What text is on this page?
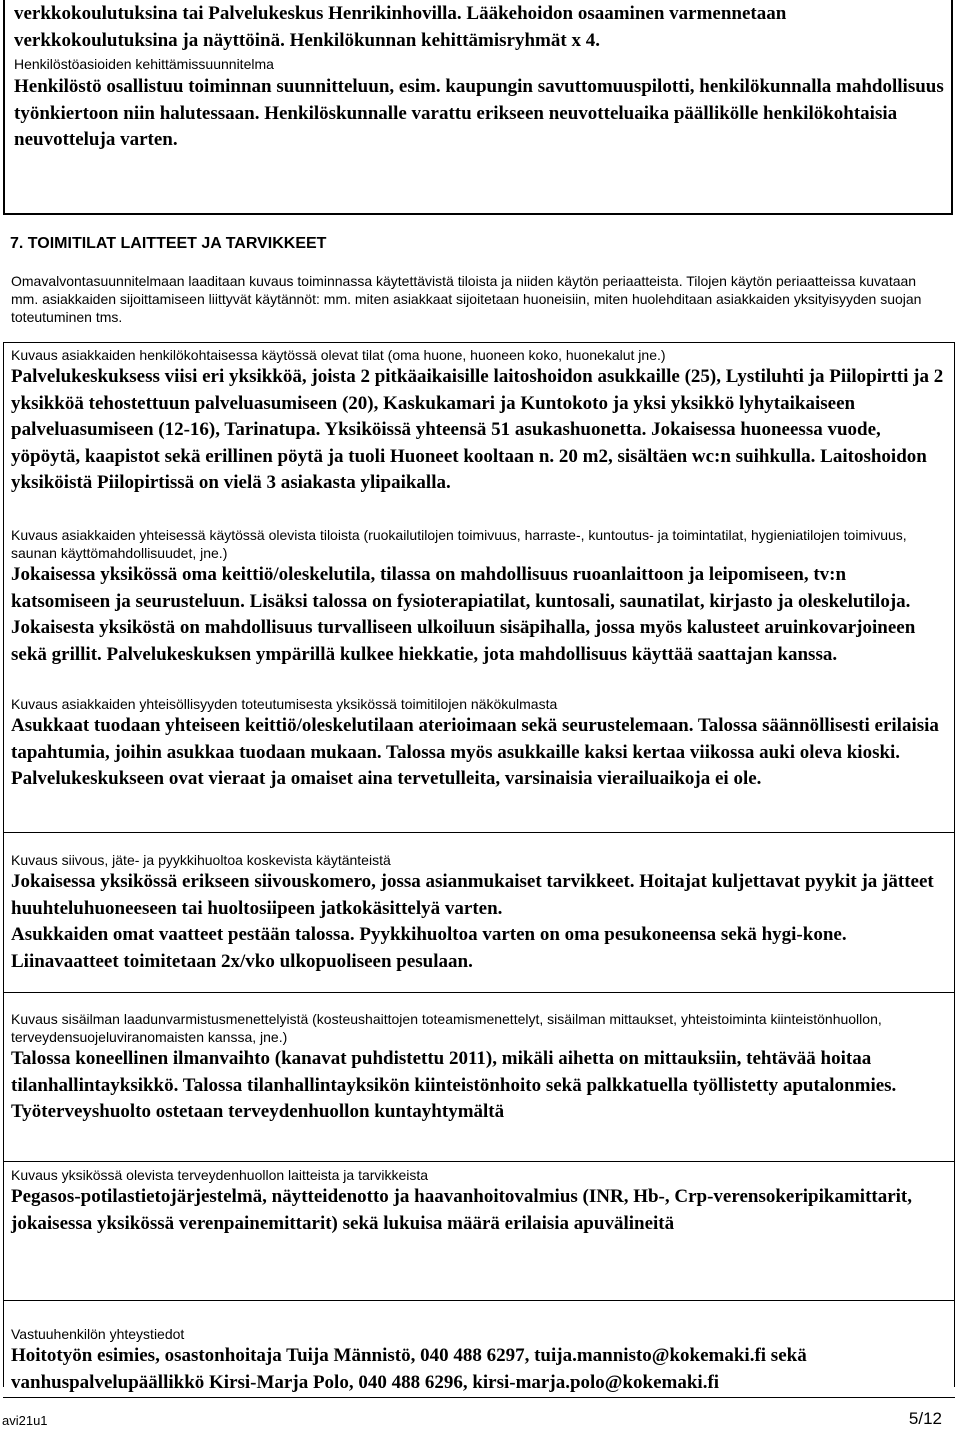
verkkokoulutuksina tai Palvelukeskus Henrikinhovilla. Lääkehoidon osaaminen varmennetaan
verkkokoulutuksina ja näyttöinä. Henkilökunnan kehittämisryhmät x 4.
Henkilöstöasioiden kehittämissuunnitelma
Henkilöstö osallistuu toiminnan suunnitteluun, esim. kaupungin savuttomuuspilotti, henkilökunnalla mahdollisuus työnkiertoon niin halutessaan. Henkilöskunnalle varattu erikseen neuvotteluaika päällikölle henkilökohtaisia neuvotteluja varten.
7. TOIMITILAT LAITTEET JA TARVIKKEET
Omavalvontasuunnitelmaan laaditaan kuvaus toiminnassa käytettävistä tiloista ja niiden käytön periaatteista. Tilojen käytön periaatteissa kuvataan mm. asiakkaiden sijoittamiseen liittyvät käytännöt: mm. miten asiakkaat sijoitetaan huoneisiin, miten huolehditaan asiakkaiden yksityisyyden suojan toteutuminen tms.

Kuvaus asiakkaiden henkilökohtaisessa käytössä olevat tilat (oma huone, huoneen koko, huonekalut jne.)

Palvelukeskuksess viisi eri yksikköä, joista 2 pitkäaikaisille laitoshoidon asukkaille (25), Lystiluhti ja Piilopirtti ja 2 yksikköä tehostettuun palveluasumiseen (20), Kaskukamari ja Kuntokoto ja yksi yksikkö lyhytaikaiseen palveluasumiseen (12-16), Tarinatupa. Yksiköissä yhteensä 51 asukashuonetta. Jokaisessa huoneessa vuode, yöpöytä, kaapistot sekä erillinen pöytä ja tuoli Huoneet kooltaan n. 20 m2, sisältäen wc:n suihkulla. Laitoshoidon yksiköistä Piilopirtissä on vielä 3 asiakasta ylipaikalla.

Kuvaus asiakkaiden yhteisessä käytössä olevista tiloista (ruokailutilojen toimivuus, harraste-, kuntoutus- ja toimintatilat, hygieniatilojen toimivuus, saunan käyttömahdollisuudet, jne.)

Jokaisessa yksikössä oma keittiö/oleskelutila, tilassa on mahdollisuus ruoanlaittoon ja leipomiseen, tv:n katsomiseen ja seurusteluun. Lisäksi talossa on fysioterapiatilat, kuntosali, saunatilat, kirjasto ja oleskelutiloja. Jokaisesta yksiköstä on mahdollisuus turvalliseen ulkoiluun sisäpihalla, jossa myös kalusteet aruinkovarjoineen sekä grillit. Palvelukeskuksen ympärillä kulkee hiekkatie, jota mahdollisuus käyttää saattajan kanssa.

Kuvaus asiakkaiden yhteisöllisyyden toteutumisesta yksikössä toimitilojen näkökulmasta

Asukkaat tuodaan yhteiseen keittiö/oleskelutilaan aterioimaan sekä seurustelemaan. Talossa säännöllisesti erilaisia tapahtumia, joihin asukkaa tuodaan mukaan. Talossa myös asukkaille kaksi kertaa viikossa auki oleva kioski. Palvelukeskukseen ovat vieraat ja omaiset aina tervetulleita, varsinaisia vierailuaikoja ei ole.

Kuvaus siivous, jäte- ja pyykkihuoltoa koskevista käytänteistä

Jokaisessa yksikössä erikseen siivouskomero, jossa asianmukaiset tarvikkeet. Hoitajat kuljettavat pyykit ja jätteet huuhteluhuoneeseen tai huoltosiipeen jatkokäsittelyä varten.

Asukkaiden omat vaatteet pestään talossa. Pyykkihuoltoa varten on oma pesukoneensa sekä hygi-kone. Liinavaatteet toimitetaan 2x/vko ulkopuoliseen pesulaan.

Kuvaus sisäilman laadunvarmistusmenettelyistä (kosteushaittojen toteamismenettelyt, sisäilman mittaukset, yhteistoiminta kiinteistönhuollon, terveydensuojeluviranomaisten kanssa, jne.)

Talossa koneellinen ilmanvaihto (kanavat puhdistettu 2011), mikäli aihetta on mittauksiin, tehtävää hoitaa tilanhallintayksikkö. Talossa tilanhallintayksikön kiinteistönhoito sekä palkkatuella työllistetty aputalonmies. Työterveyshuolto ostetaan terveydenhuollon kuntayhtymältä

Kuvaus yksikössä olevista terveydenhuollon laitteista ja tarvikkeista

Pegasos-potilastietojärjestelmä, näytteidenotto ja haavanhoitovalmius (INR, Hb-, Crp-verensokeripikamittarit, jokaisessa yksikössä verenpainemittarit) sekä lukuisa määrä erilaisia apuvälineitä

Vastuuhenkilön yhteystiedot

Hoitotyön esimies, osastonhoitaja Tuija Männistö, 040 488 6297, tuija.mannisto@kokemaki.fi sekä vanhuspalvelupäällikkö Kirsi-Marja Polo, 040 488 6296, kirsi-marja.polo@kokemaki.fi

avi21u1	5/12
